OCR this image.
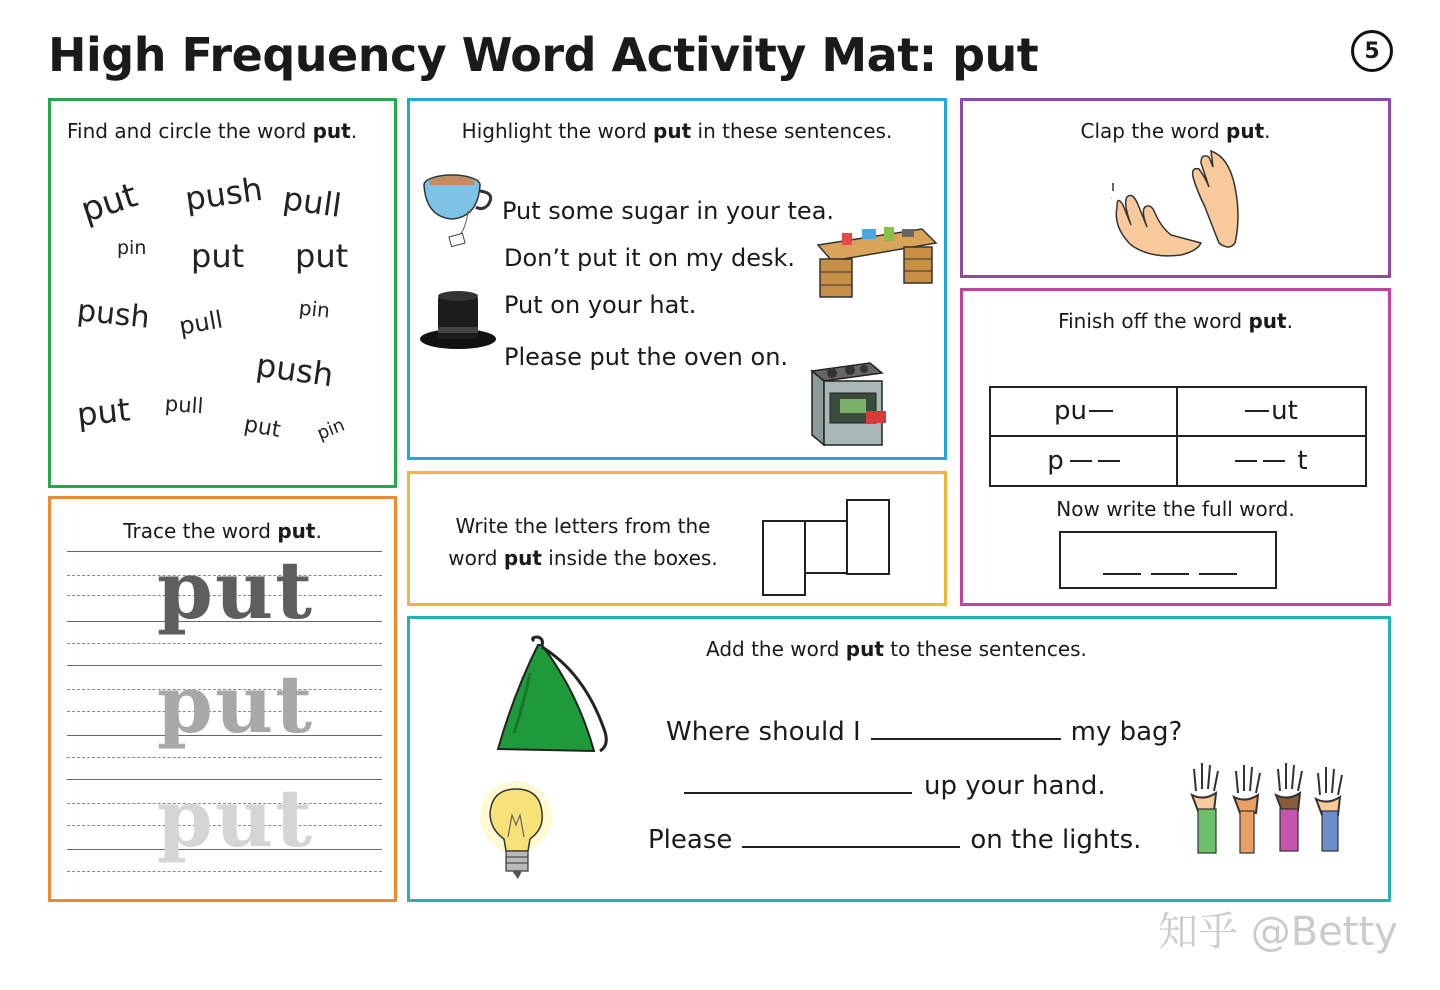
High Frequency Word Activity Mat: put	5
Find and circle the word put.
put push pull
pin put put
push pull	pin
push
put pull
put pin
Trace the word put.
put
put
put
Highlight the word put in these sentences.
Put some sugar in your tea.
Don’t put it on my desk.
Put on your hat.
Please put the oven on.
Write the letters from the
word put inside the boxes.
Clap the word put.
Finish off the word put.
pu	ut
p	t
Now write the full word.
Add the word put to these sentences.
Where should I	my bag?
up your hand.
Please	on the lights.
知乎 @Betty
